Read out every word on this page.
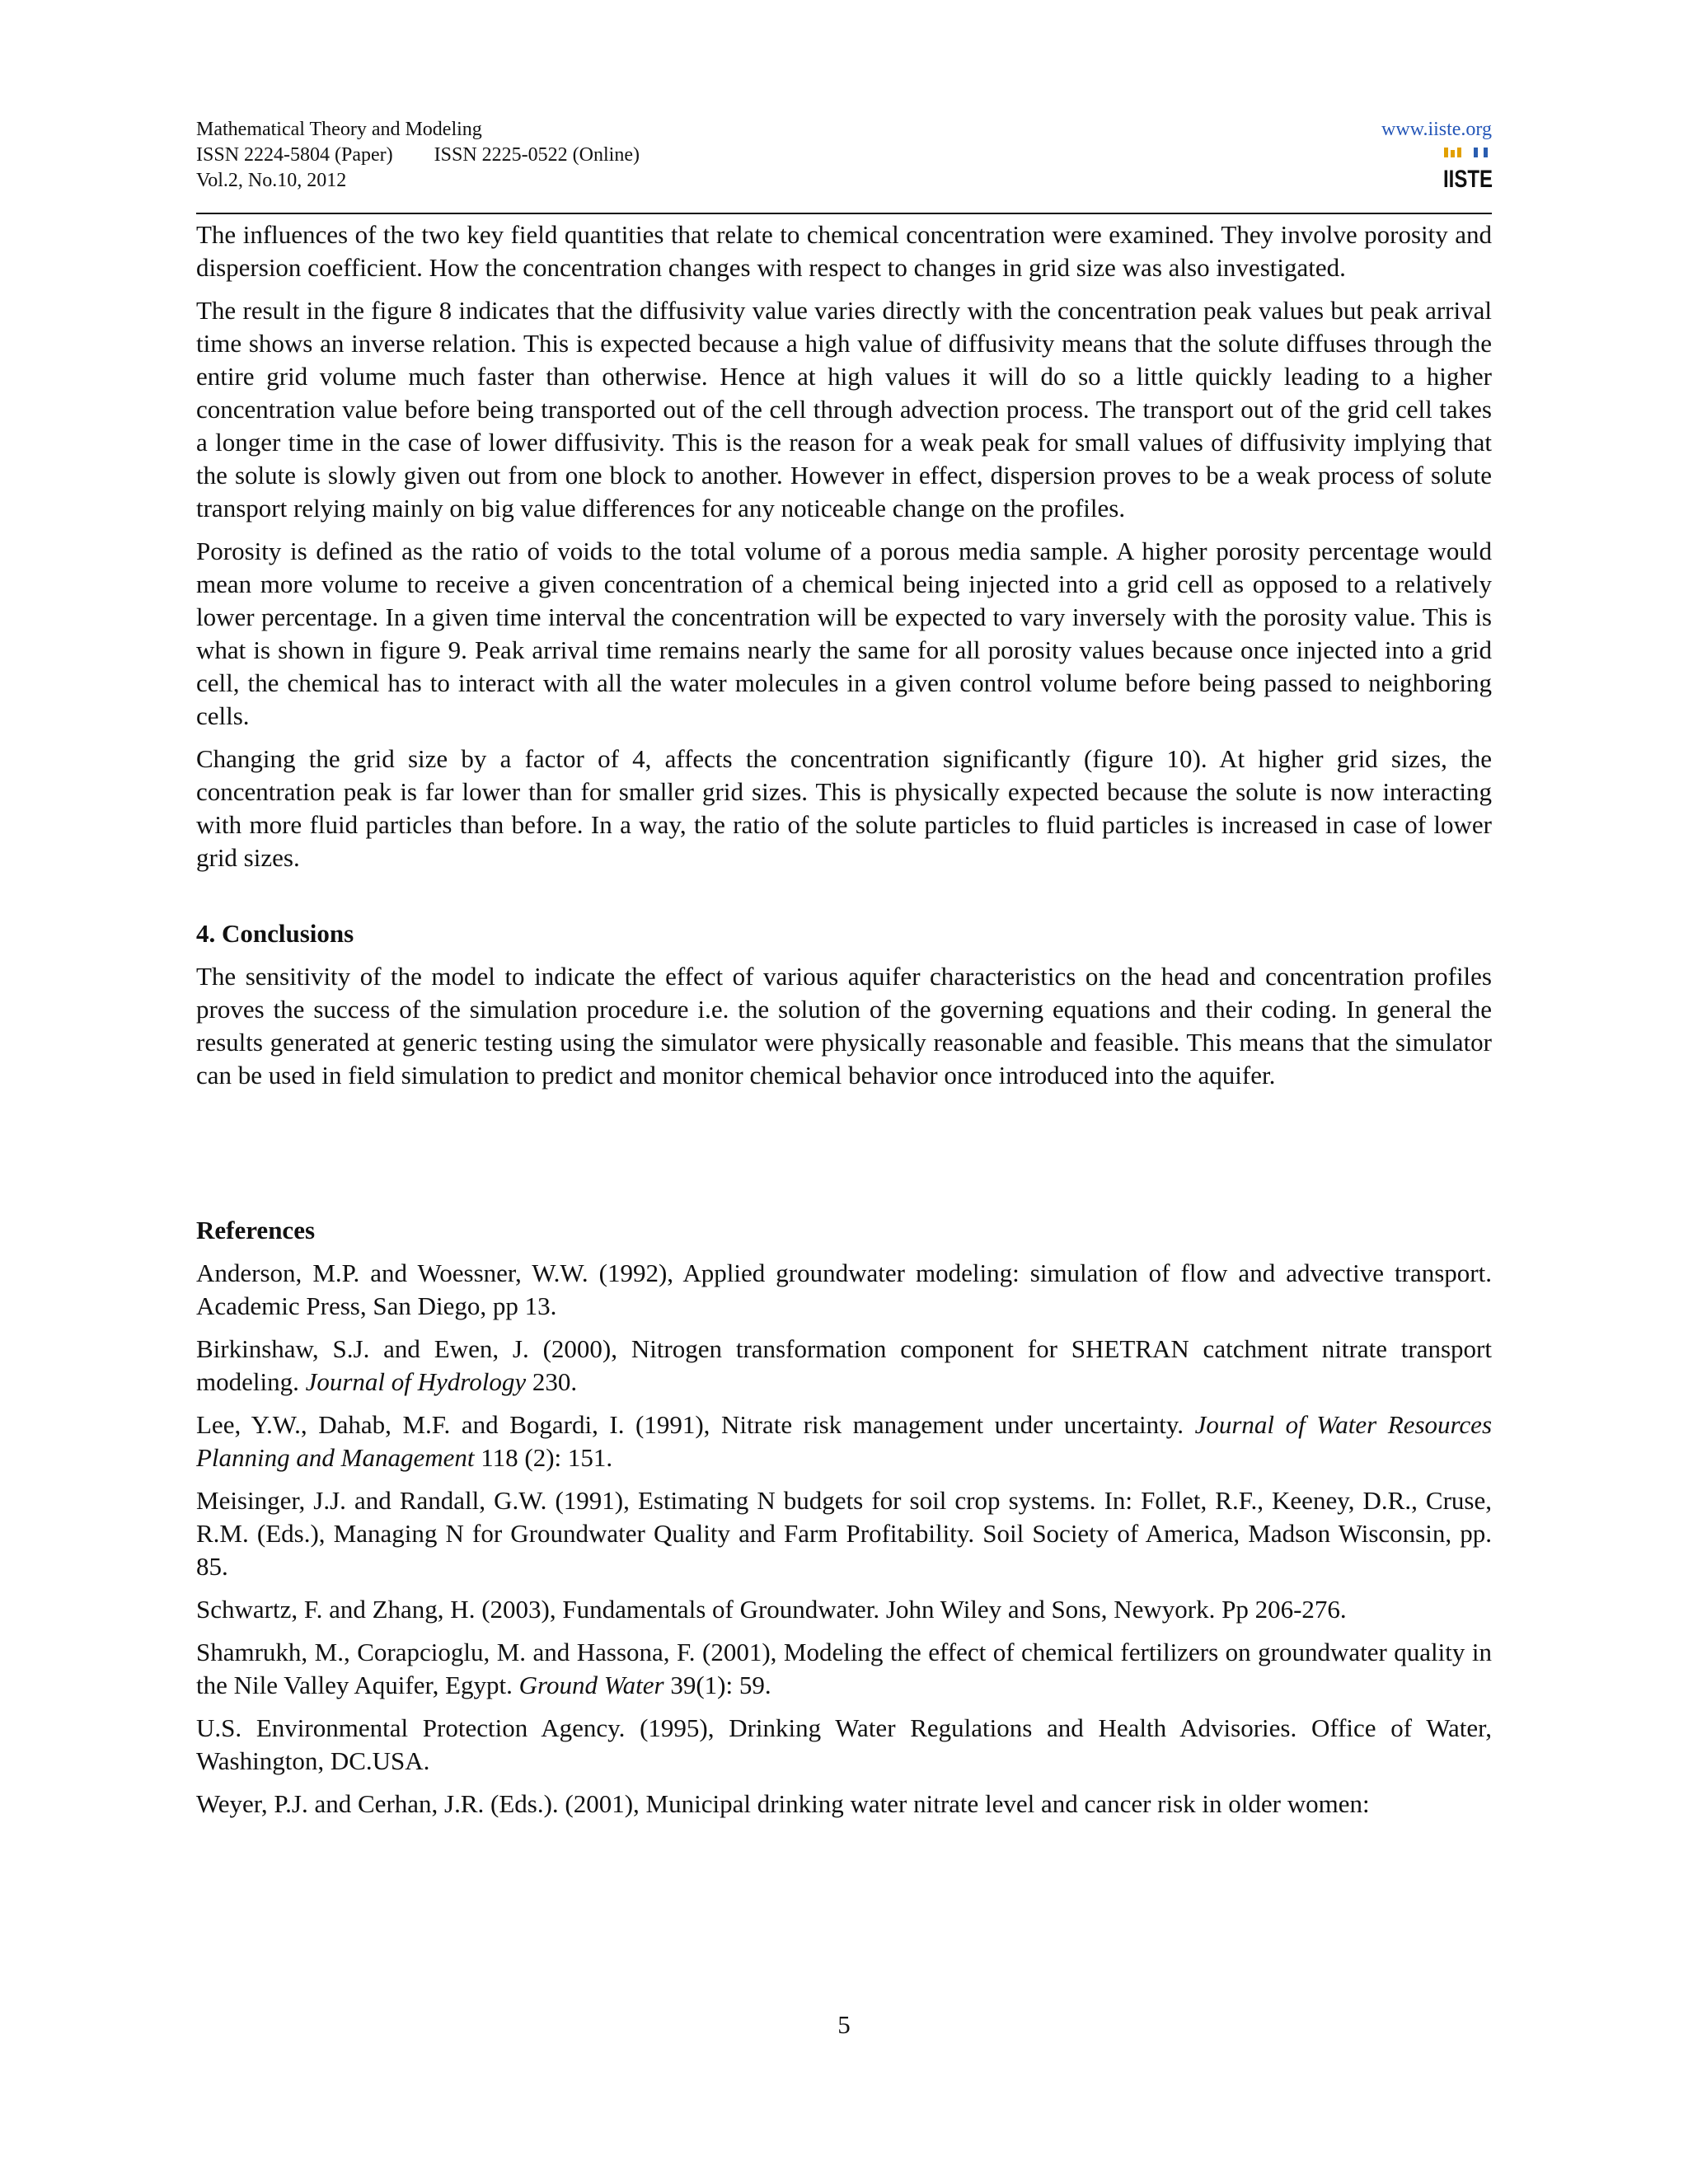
Mathematical Theory and Modeling
ISSN 2224-5804 (Paper) ISSN 2225-0522 (Online)
Vol.2, No.10, 2012
www.iiste.org
IISTE

The influences of the two key field quantities that relate to chemical concentration were examined. They involve porosity and dispersion coefficient. How the concentration changes with respect to changes in grid size was also investigated.

The result in the figure 8 indicates that the diffusivity value varies directly with the concentration peak values but peak arrival time shows an inverse relation. This is expected because a high value of diffusivity means that the solute diffuses through the entire grid volume much faster than otherwise. Hence at high values it will do so a little quickly leading to a higher concentration value before being transported out of the cell through advection process. The transport out of the grid cell takes a longer time in the case of lower diffusivity. This is the reason for a weak peak for small values of diffusivity implying that the solute is slowly given out from one block to another. However in effect, dispersion proves to be a weak process of solute transport relying mainly on big value differences for any noticeable change on the profiles.

Porosity is defined as the ratio of voids to the total volume of a porous media sample. A higher porosity percentage would mean more volume to receive a given concentration of a chemical being injected into a grid cell as opposed to a relatively lower percentage. In a given time interval the concentration will be expected to vary inversely with the porosity value. This is what is shown in figure 9. Peak arrival time remains nearly the same for all porosity values because once injected into a grid cell, the chemical has to interact with all the water molecules in a given control volume before being passed to neighboring cells.

Changing the grid size by a factor of 4, affects the concentration significantly (figure 10). At higher grid sizes, the concentration peak is far lower than for smaller grid sizes. This is physically expected because the solute is now interacting with more fluid particles than before. In a way, the ratio of the solute particles to fluid particles is increased in case of lower grid sizes.

4. Conclusions

The sensitivity of the model to indicate the effect of various aquifer characteristics on the head and concentration profiles proves the success of the simulation procedure i.e. the solution of the governing equations and their coding. In general the results generated at generic testing using the simulator were physically reasonable and feasible. This means that the simulator can be used in field simulation to predict and monitor chemical behavior once introduced into the aquifer.

References

Anderson, M.P. and Woessner, W.W. (1992), Applied groundwater modeling: simulation of flow and advective transport. Academic Press, San Diego, pp 13.

Birkinshaw, S.J. and Ewen, J. (2000), Nitrogen transformation component for SHETRAN catchment nitrate transport modeling. Journal of Hydrology 230.

Lee, Y.W., Dahab, M.F. and Bogardi, I. (1991), Nitrate risk management under uncertainty. Journal of Water Resources Planning and Management 118 (2): 151.

Meisinger, J.J. and Randall, G.W. (1991), Estimating N budgets for soil crop systems. In: Follet, R.F., Keeney, D.R., Cruse, R.M. (Eds.), Managing N for Groundwater Quality and Farm Profitability. Soil Society of America, Madson Wisconsin, pp. 85.

Schwartz, F. and Zhang, H. (2003), Fundamentals of Groundwater. John Wiley and Sons, Newyork. Pp 206-276.

Shamrukh, M., Corapcioglu, M. and Hassona, F. (2001), Modeling the effect of chemical fertilizers on groundwater quality in the Nile Valley Aquifer, Egypt. Ground Water 39(1): 59.

U.S. Environmental Protection Agency. (1995), Drinking Water Regulations and Health Advisories. Office of Water, Washington, DC.USA.

Weyer, P.J. and Cerhan, J.R. (Eds.). (2001), Municipal drinking water nitrate level and cancer risk in older women:

5
